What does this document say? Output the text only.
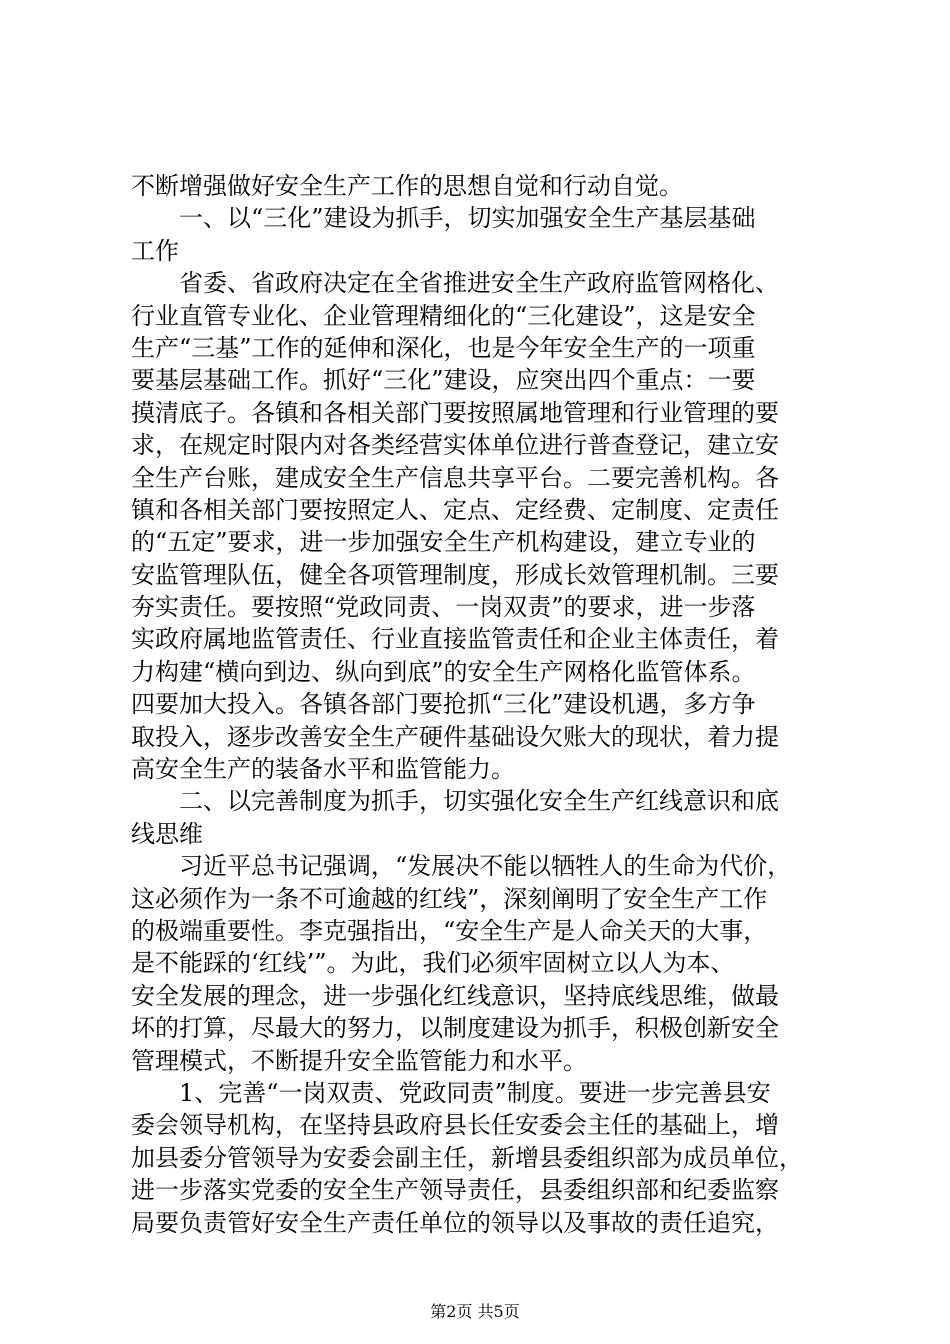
不断增强做好安全生产工作的思想自觉和行动自觉。
　　一、以“三化”建设为抓手，切实加强安全生产基层基础
工作
　　省委、省政府决定在全省推进安全生产政府监管网格化、
行业直管专业化、企业管理精细化的“三化建设”，这是安全
生产“三基”工作的延伸和深化，也是今年安全生产的一项重
要基层基础工作。抓好“三化”建设，应突出四个重点：一要
摸清底子。各镇和各相关部门要按照属地管理和行业管理的要
求，在规定时限内对各类经营实体单位进行普查登记，建立安
全生产台账，建成安全生产信息共享平台。二要完善机构。各
镇和各相关部门要按照定人、定点、定经费、定制度、定责任
的“五定”要求，进一步加强安全生产机构建设，建立专业的
安监管理队伍，健全各项管理制度，形成长效管理机制。三要
夯实责任。要按照“党政同责、一岗双责”的要求，进一步落
实政府属地监管责任、行业直接监管责任和企业主体责任，着
力构建“横向到边、纵向到底”的安全生产网格化监管体系。
四要加大投入。各镇各部门要抢抓“三化”建设机遇，多方争
取投入，逐步改善安全生产硬件基础设欠账大的现状，着力提
高安全生产的装备水平和监管能力。
　　二、以完善制度为抓手，切实强化安全生产红线意识和底
线思维
　　习近平总书记强调，“发展决不能以牺牲人的生命为代价，
这必须作为一条不可逾越的红线”，深刻阐明了安全生产工作
的极端重要性。李克强指出，“安全生产是人命关天的大事，
是不能踩的‘红线’”。为此，我们必须牢固树立以人为本、
安全发展的理念，进一步强化红线意识，坚持底线思维，做最
坏的打算，尽最大的努力，以制度建设为抓手，积极创新安全
管理模式，不断提升安全监管能力和水平。
　　1、完善“一岗双责、党政同责”制度。要进一步完善县安
委会领导机构，在坚持县政府县长任安委会主任的基础上，增
加县委分管领导为安委会副主任，新增县委组织部为成员单位，
进一步落实党委的安全生产领导责任，县委组织部和纪委监察
局要负责管好安全生产责任单位的领导以及事故的责任追究，
第2页 共5页
